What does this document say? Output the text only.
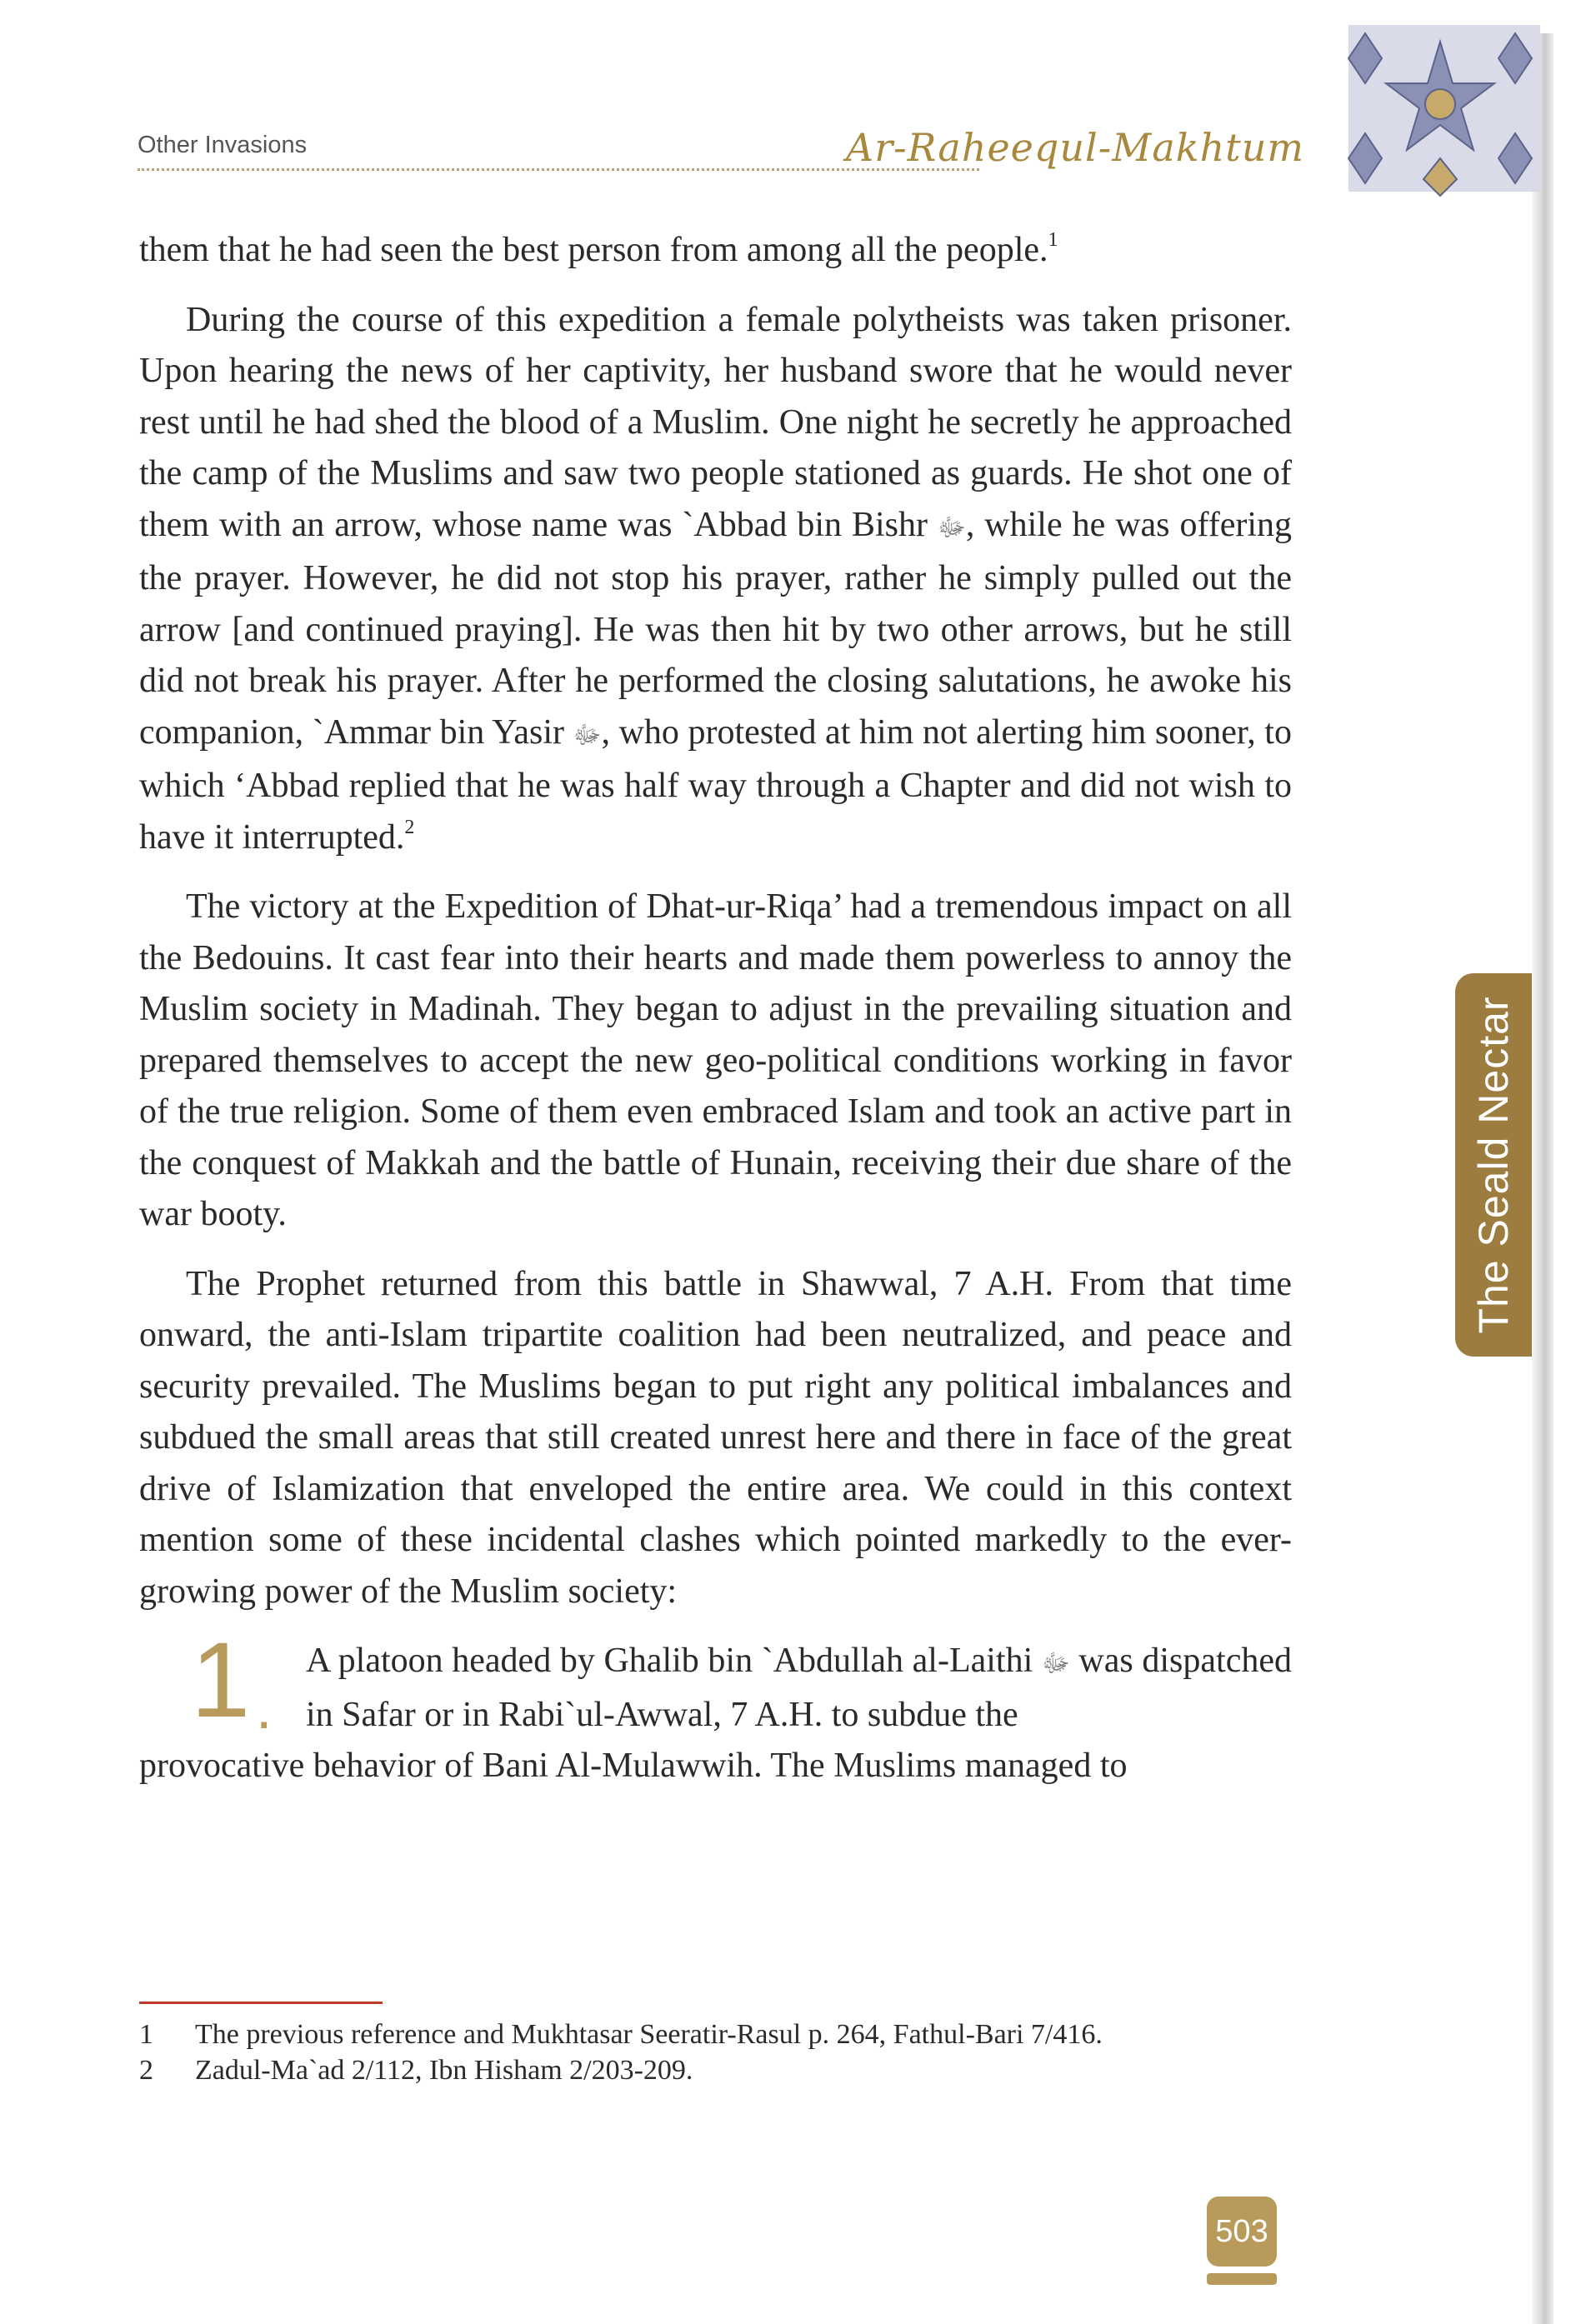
Other Invasions	Ar-Raheequl-Makhtum
The Seald Nectar

them that he had seen the best person from among all the people.$^1$

During the course of this expedition a female polytheists was taken prisoner. Upon hearing the news of her captivity, her husband swore that he would never rest until he had shed the blood of a Muslim. One night he secretly he approached the camp of the Muslims and saw two people stationed as guards. He shot one of them with an arrow, whose name was `Abbad bin Bishr ﷻ, while he was offering the prayer. However, he did not stop his prayer, rather he simply pulled out the arrow [and continued praying]. He was then hit by two other arrows, but he still did not break his prayer. After he performed the closing salutations, he awoke his companion, `Ammar bin Yasir ﷻ, who protested at him not alerting him sooner, to which ‘Abbad replied that he was half way through a Chapter and did not wish to have it interrupted.$^2$

The victory at the Expedition of Dhat-ur-Riqa’ had a tremendous impact on all the Bedouins. It cast fear into their hearts and made them powerless to annoy the Muslim society in Madinah. They began to adjust in the prevailing situation and prepared themselves to accept the new geo-political conditions working in favor of the true religion. Some of them even embraced Islam and took an active part in the conquest of Makkah and the battle of Hunain, receiving their due share of the war booty.

The Prophet returned from this battle in Shawwal, 7 A.H. From that time onward, the anti-Islam tripartite coalition had been neutralized, and peace and security prevailed. The Muslims began to put right any political imbalances and subdued the small areas that still created unrest here and there in face of the great drive of Islamization that enveloped the entire area. We could in this context mention some of these incidental clashes which pointed markedly to the ever-growing power of the Muslim society:

1 .
A platoon headed by Ghalib bin `Abdullah al-Laithi ﷻ was dispatched in Safar or in Rabi`ul-Awwal, 7 A.H. to subdue the
provocative behavior of Bani Al-Mulawwih. The Muslims managed to

1 The previous reference and Mukhtasar Seeratir-Rasul p. 264, Fathul-Bari 7/416.
2 Zadul-Ma`ad 2/112, Ibn Hisham 2/203-209.
503
